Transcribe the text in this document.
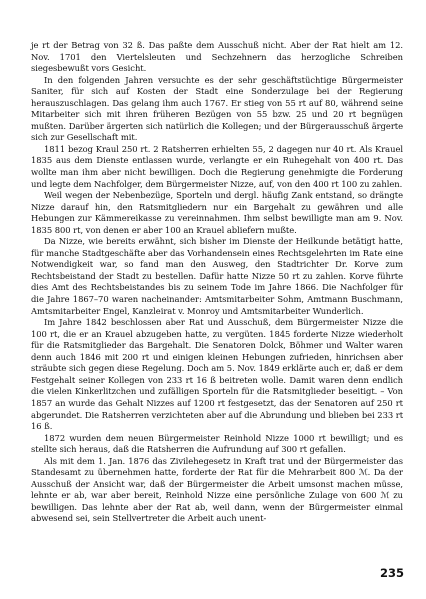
je rt der Betrag von 32 ß. Das paßte dem Ausschuß nicht. Aber der Rat hielt am 12. Nov. 1701 den Viertelsleuten und Sechzehnern das herzogliche Schreiben siegesbewußt vors Gesicht.

In den folgenden Jahren versuchte es der sehr geschäftstüchtige Bürgermeister Saniter, für sich auf Kosten der Stadt eine Sonderzulage bei der Regierung herauszuschlagen. Das gelang ihm auch 1767. Er stieg von 55 rt auf 80, während seine Mitarbeiter sich mit ihren früheren Bezügen von 55 bzw. 25 und 20 rt begnügen mußten. Darüber ärgerten sich natürlich die Kollegen; und der Bürgerausschuß ärgerte sich zur Gesellschaft mit.

1811 bezog Kraul 250 rt. 2 Ratsherren erhielten 55, 2 dagegen nur 40 rt. Als Krauel 1835 aus dem Dienste entlassen wurde, verlangte er ein Ruhegehalt von 400 rt. Das wollte man ihm aber nicht bewilligen. Doch die Regierung genehmigte die Forderung und legte dem Nachfolger, dem Bürgermeister Nizze, auf, von den 400 rt 100 zu zahlen.

Weil wegen der Nebenbezüge, Sporteln und dergl. häufig Zank entstand, so drängte Nizze darauf hin, den Ratsmitgliedern nur ein Bargehalt zu gewähren und alle Hebungen zur Kämmereikasse zu vereinnahmen. Ihm selbst bewilligte man am 9. Nov. 1835 800 rt, von denen er aber 100 an Krauel abliefern mußte.

Da Nizze, wie bereits erwähnt, sich bisher im Dienste der Heilkunde betätigt hatte, für manche Stadtgeschäfte aber das Vorhandensein eines Rechtsgelehrten im Rate eine Notwendigkeit war, so fand man den Ausweg, den Stadtrichter Dr. Korve zum Rechtsbeistand der Stadt zu bestellen. Dafür hatte Nizze 50 rt zu zahlen. Korve führte dies Amt des Rechtsbeistandes bis zu seinem Tode im Jahre 1866. Die Nachfolger für die Jahre 1867–70 waren nacheinander: Amtsmitarbeiter Sohm, Amtmann Buschmann, Amtsmitarbeiter Engel, Kanzleirat v. Monroy und Amtsmitarbeiter Wunderlich.

Im Jahre 1842 beschlossen aber Rat und Ausschuß, dem Bürgermeister Nizze die 100 rt, die er an Krauel abzugeben hatte, zu vergüten. 1845 forderte Nizze wiederholt für die Ratsmitglieder das Bargehalt. Die Senatoren Dolck, Böhmer und Walter waren denn auch 1846 mit 200 rt und einigen kleinen Hebungen zufrieden, hinrichsen aber sträubte sich gegen diese Regelung. Doch am 5. Nov. 1849 erklärte auch er, daß er dem Festgehalt seiner Kollegen von 233 rt 16 ß beitreten wolle. Damit waren denn endlich die vielen Kinkerlitzchen und zufälligen Sporteln für die Ratsmitglieder beseitigt. – Von 1857 an wurde das Gehalt Nizzes auf 1200 rt festgesetzt, das der Senatoren auf 250 rt abgerundet. Die Ratsherren verzichteten aber auf die Abrundung und blieben bei 233 rt 16 ß.

1872 wurden dem neuen Bürgermeister Reinhold Nizze 1000 rt bewilligt; und es stellte sich heraus, daß die Ratsherren die Aufrundung auf 300 rt gefallen.

Als mit dem 1. Jan. 1876 das Zivilehegesetz in Kraft trat und der Bürgermeister das Standesamt zu übernehmen hatte, forderte der Rat für die Mehrarbeit 800 ℳ. Da der Ausschuß der Ansicht war, daß der Bürgermeister die Arbeit umsonst machen müsse, lehnte er ab, war aber bereit, Reinhold Nizze eine persönliche Zulage von 600 ℳ zu bewilligen. Das lehnte aber der Rat ab, weil dann, wenn der Bürgermeister einmal abwesend sei, sein Stellvertreter die Arbeit auch unent-

235
